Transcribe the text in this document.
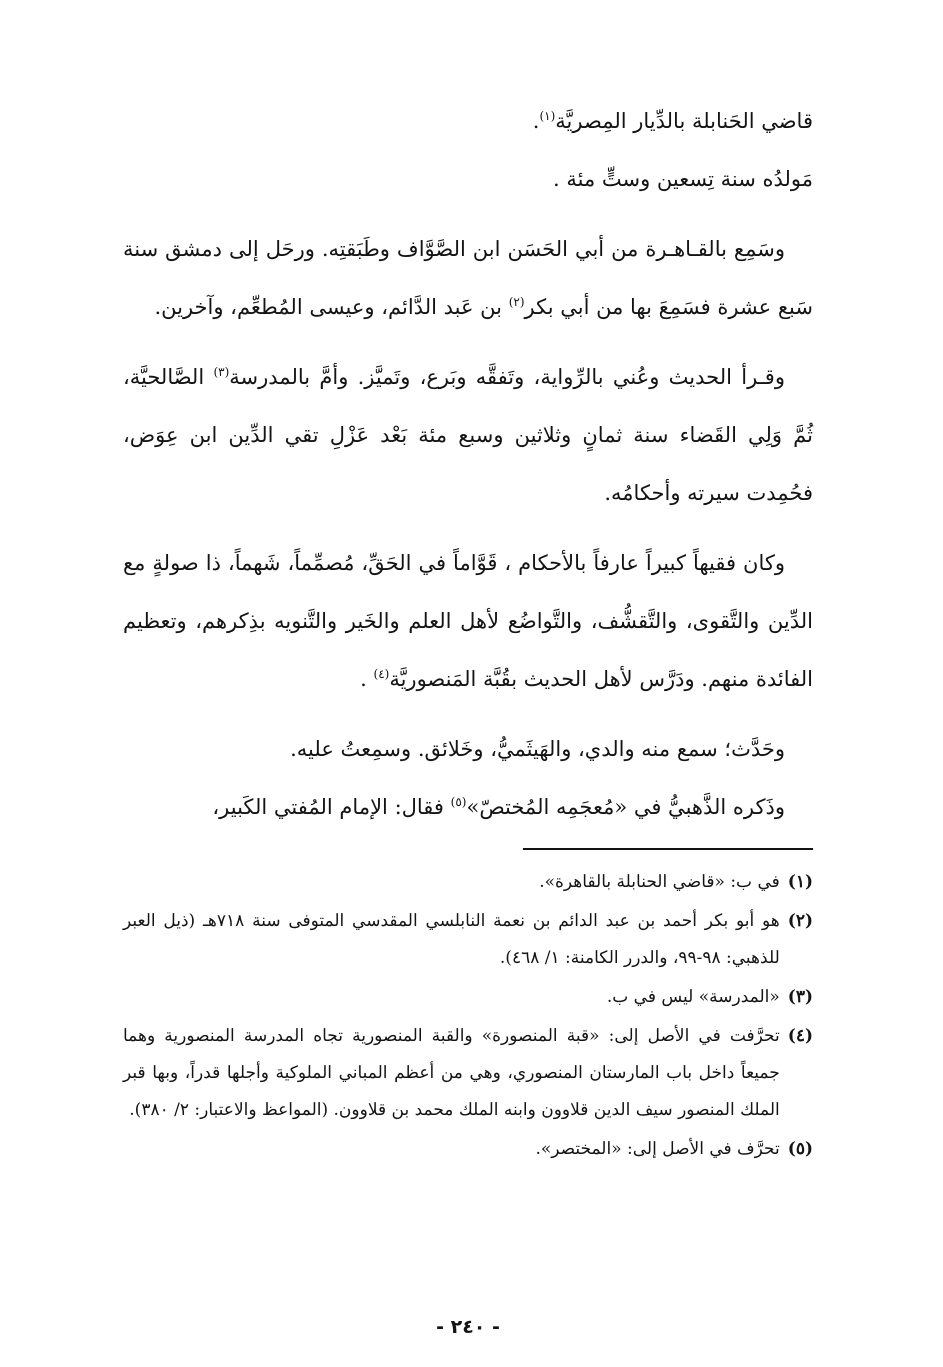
قاضي الحَنابلة بالدِّيار المِصريَّة$^{(١)}$.

مَولدُه سنة تِسعين وستٍّ مئة .

وسَمِع بالقـاهـرة من أبي الحَسَن ابن الصَّوَّاف وطَبَقتِه. ورحَل إلى دمشق سنة سَبع عشرة فسَمِعَ بها من أبي بكر$^{(٢)}$ بن عَبد الدَّائم، وعيسى المُطعِّم، وآخرين.

وقـرأ الحديث وعُني بالرِّواية، وتَفقَّه وبَرع، وتَميَّز. وأمَّ بالمدرسة$^{(٣)}$ الصَّالحيَّة، ثُمَّ وَلِي القَضاء سنة ثمانٍ وثلاثين وسبع مئة بَعْد عَزْلِ تقي الدِّين ابن عِوَض، فحُمِدت سيرته وأحكامُه.

وكان فقيهاً كبيراً عارفاً بالأحكام ، قَوَّاماً في الحَقِّ، مُصمِّماً، شَهماً، ذا صولةٍ مع الدِّين والتَّقوى، والتَّقشُّف، والتَّواضُع لأهل العلم والخَير والتَّنويه بذِكرهم، وتعظيم الفائدة منهم. ودَرَّس لأهل الحديث بقُبَّة المَنصوريَّة$^{(٤)}$ .

وحَدَّث؛ سمع منه والدي، والهَيثَميُّ، وخَلائق. وسمِعتُ عليه.

وذَكره الذَّهبيُّ في «مُعجَمِه المُختصّ»$^{(٥)}$ فقال: الإمام المُفتي الكَبير،

(١)
في ب: «قاضي الحنابلة بالقاهرة».
(٢)
هو أبو بكر أحمد بن عبد الدائم بن نعمة النابلسي المقدسي المتوفى سنة ٧١٨هـ (ذيل العبر للذهبي: ٩٨-٩٩، والدرر الكامنة: ١/ ٤٦٨).
(٣)
«المدرسة» ليس في ب.
(٤)
تحرَّفت في الأصل إلى: «قبة المنصورة» والقبة المنصورية تجاه المدرسة المنصورية وهما جميعاً داخل باب المارستان المنصوري، وهي من أعظم المباني الملوكية وأجلها قدراً، وبها قبر الملك المنصور سيف الدين قلاوون وابنه الملك محمد بن قلاوون. (المواعظ والاعتبار: ٢/ ٣٨٠).
(٥)
تحرَّف في الأصل إلى: «المختصر».
- ٢٤٠ -
